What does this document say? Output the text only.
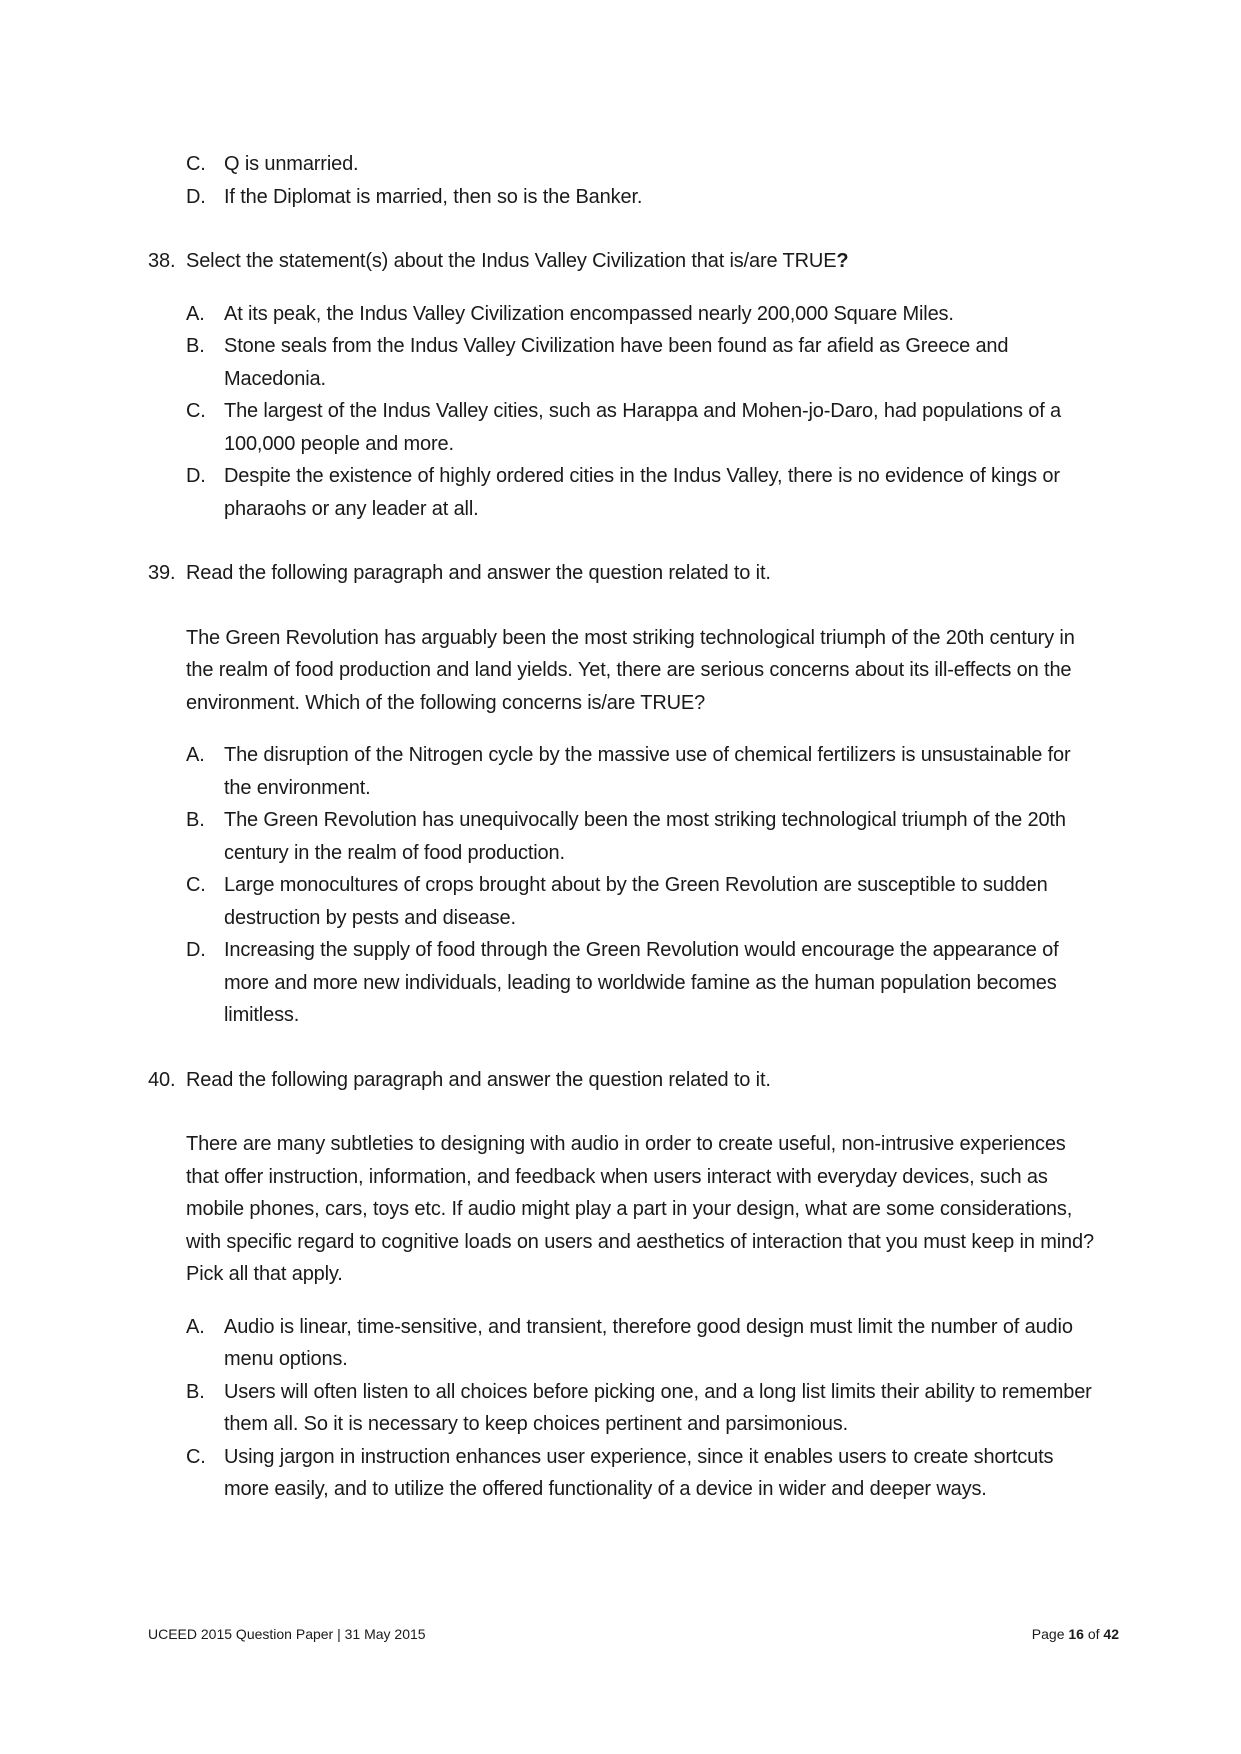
C. Q is unmarried.
D. If the Diplomat is married, then so is the Banker.
38. Select the statement(s) about the Indus Valley Civilization that is/are TRUE?
A. At its peak, the Indus Valley Civilization encompassed nearly 200,000 Square Miles.
B. Stone seals from the Indus Valley Civilization have been found as far afield as Greece and Macedonia.
C. The largest of the Indus Valley cities, such as Harappa and Mohen-jo-Daro, had populations of a 100,000 people and more.
D. Despite the existence of highly ordered cities in the Indus Valley, there is no evidence of kings or pharaohs or any leader at all.
39. Read the following paragraph and answer the question related to it.
The Green Revolution has arguably been the most striking technological triumph of the 20th century in the realm of food production and land yields. Yet, there are serious concerns about its ill-effects on the environment. Which of the following concerns is/are TRUE?
A. The disruption of the Nitrogen cycle by the massive use of chemical fertilizers is unsustainable for the environment.
B. The Green Revolution has unequivocally been the most striking technological triumph of the 20th century in the realm of food production.
C. Large monocultures of crops brought about by the Green Revolution are susceptible to sudden destruction by pests and disease.
D. Increasing the supply of food through the Green Revolution would encourage the appearance of more and more new individuals, leading to worldwide famine as the human population becomes limitless.
40. Read the following paragraph and answer the question related to it.
There are many subtleties to designing with audio in order to create useful, non-intrusive experiences that offer instruction, information, and feedback when users interact with everyday devices, such as mobile phones, cars, toys etc. If audio might play a part in your design, what are some considerations, with specific regard to cognitive loads on users and aesthetics of interaction that you must keep in mind? Pick all that apply.
A. Audio is linear, time-sensitive, and transient, therefore good design must limit the number of audio menu options.
B. Users will often listen to all choices before picking one, and a long list limits their ability to remember them all. So it is necessary to keep choices pertinent and parsimonious.
C. Using jargon in instruction enhances user experience, since it enables users to create shortcuts more easily, and to utilize the offered functionality of a device in wider and deeper ways.
UCEED 2015 Question Paper | 31 May 2015	Page 16 of 42
